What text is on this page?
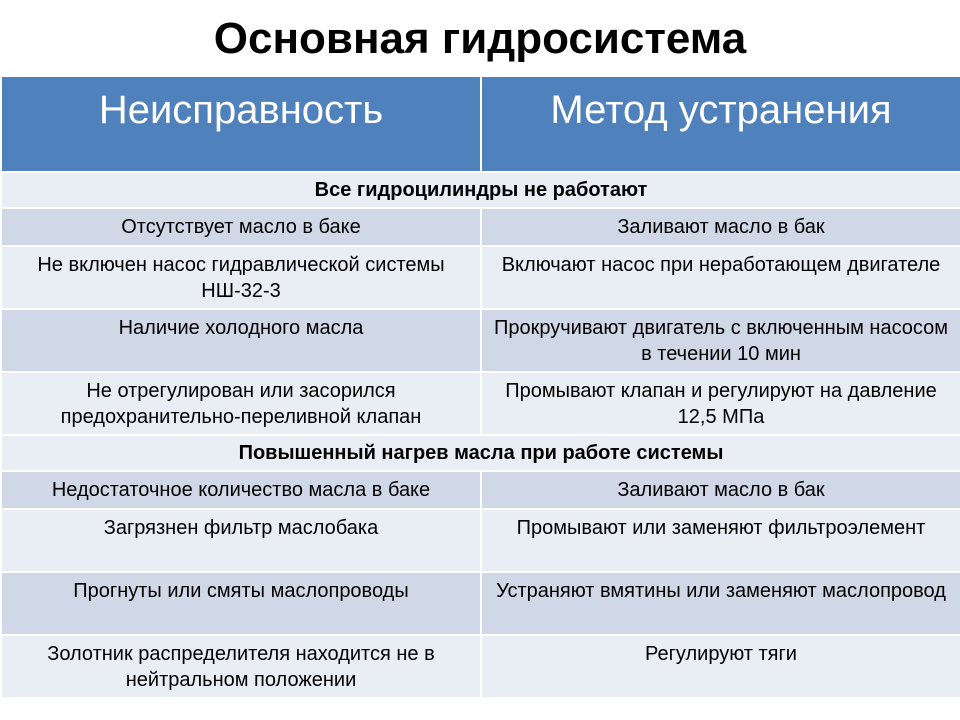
Основная гидросистема
Неисправность	Метод устранения
Все гидроцилиндры не работают	
Отсутствует масло в баке	Заливают масло в бак
Не включен насос гидравлической системы НШ-32-3	Включают насос при неработающем двигателе
Наличие холодного масла	Прокручивают двигатель с включенным насосом в течении 10 мин
Не отрегулирован или засорился предохранительно-переливной клапан	Промывают клапан и регулируют на давление 12,5 МПа
Повышенный нагрев масла при работе системы	
Недостаточное количество масла в баке	Заливают масло в бак
Загрязнен фильтр маслобака	Промывают или заменяют фильтроэлемент
Прогнуты или смяты маслопроводы	Устраняют вмятины или заменяют маслопровод
Золотник распределителя находится не в нейтральном положении	Регулируют тяги
